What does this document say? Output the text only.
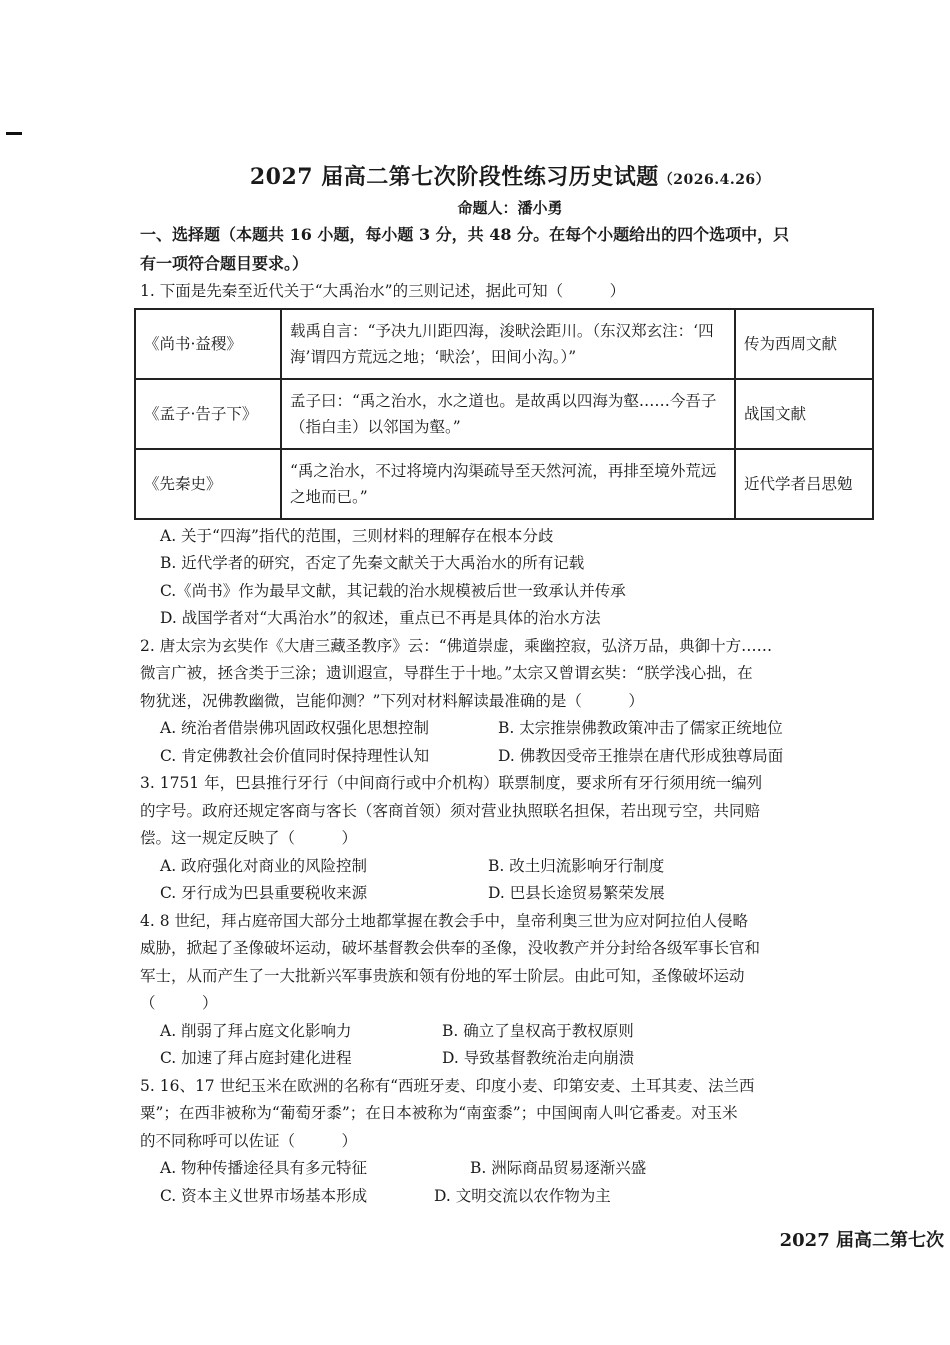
2027 届高二第七次阶段性练习历史试题（2026.4.26）
命题人：潘小勇
一、选择题（本题共 16 小题，每小题 3 分，共 48 分。在每个小题给出的四个选项中，只
有一项符合题目要求。）
1. 下面是先秦至近代关于“大禹治水”的三则记述，据此可知（　　　）
《尚书·益稷》	载禹自言：“予决九川距四海，浚畎浍距川。（东汉郑玄注：‘四海’谓四方荒远之地；‘畎浍’，田间小沟。）”	传为西周文献
《孟子·告子下》	孟子曰：“禹之治水，水之道也。是故禹以四海为壑……今吾子（指白圭）以邻国为壑。”	战国文献
《先秦史》	“禹之治水，不过将境内沟渠疏导至天然河流，再排至境外荒远之地而已。”	近代学者吕思勉
A. 关于“四海”指代的范围，三则材料的理解存在根本分歧
B. 近代学者的研究，否定了先秦文献关于大禹治水的所有记载
C.《尚书》作为最早文献，其记载的治水规模被后世一致承认并传承
D. 战国学者对“大禹治水”的叙述，重点已不再是具体的治水方法
2. 唐太宗为玄奘作《大唐三藏圣教序》云：“佛道崇虚，乘幽控寂，弘济万品，典御十方……
微言广被，拯含类于三涂；遗训遐宣，导群生于十地。”太宗又曾谓玄奘：“朕学浅心拙，在
物犹迷，况佛教幽微，岂能仰测？”下列对材料解读最准确的是（　　　）
A. 统治者借崇佛巩固政权强化思想控制	B. 太宗推崇佛教政策冲击了儒家正统地位
C. 肯定佛教社会价值同时保持理性认知	D. 佛教因受帝王推崇在唐代形成独尊局面
3. 1751 年，巴县推行牙行（中间商行或中介机构）联票制度，要求所有牙行须用统一编列
的字号。政府还规定客商与客长（客商首领）须对营业执照联名担保，若出现亏空，共同赔
偿。这一规定反映了（　　　）
A. 政府强化对商业的风险控制	B. 改土归流影响牙行制度
C. 牙行成为巴县重要税收来源	D. 巴县长途贸易繁荣发展
4. 8 世纪，拜占庭帝国大部分土地都掌握在教会手中，皇帝利奥三世为应对阿拉伯人侵略
威胁，掀起了圣像破坏运动，破坏基督教会供奉的圣像，没收教产并分封给各级军事长官和
军士，从而产生了一大批新兴军事贵族和领有份地的军士阶层。由此可知，圣像破坏运动
（　　　）
A. 削弱了拜占庭文化影响力	B. 确立了皇权高于教权原则
C. 加速了拜占庭封建化进程	D. 导致基督教统治走向崩溃
5. 16、17 世纪玉米在欧洲的名称有“西班牙麦、印度小麦、印第安麦、土耳其麦、法兰西
粟”；在西非被称为“葡萄牙黍”；在日本被称为“南蛮黍”；中国闽南人叫它番麦。对玉米
的不同称呼可以佐证（　　　）
A. 物种传播途径具有多元特征	B. 洲际商品贸易逐渐兴盛
C. 资本主义世界市场基本形成	D. 文明交流以农作物为主
2027 届高二第七次
